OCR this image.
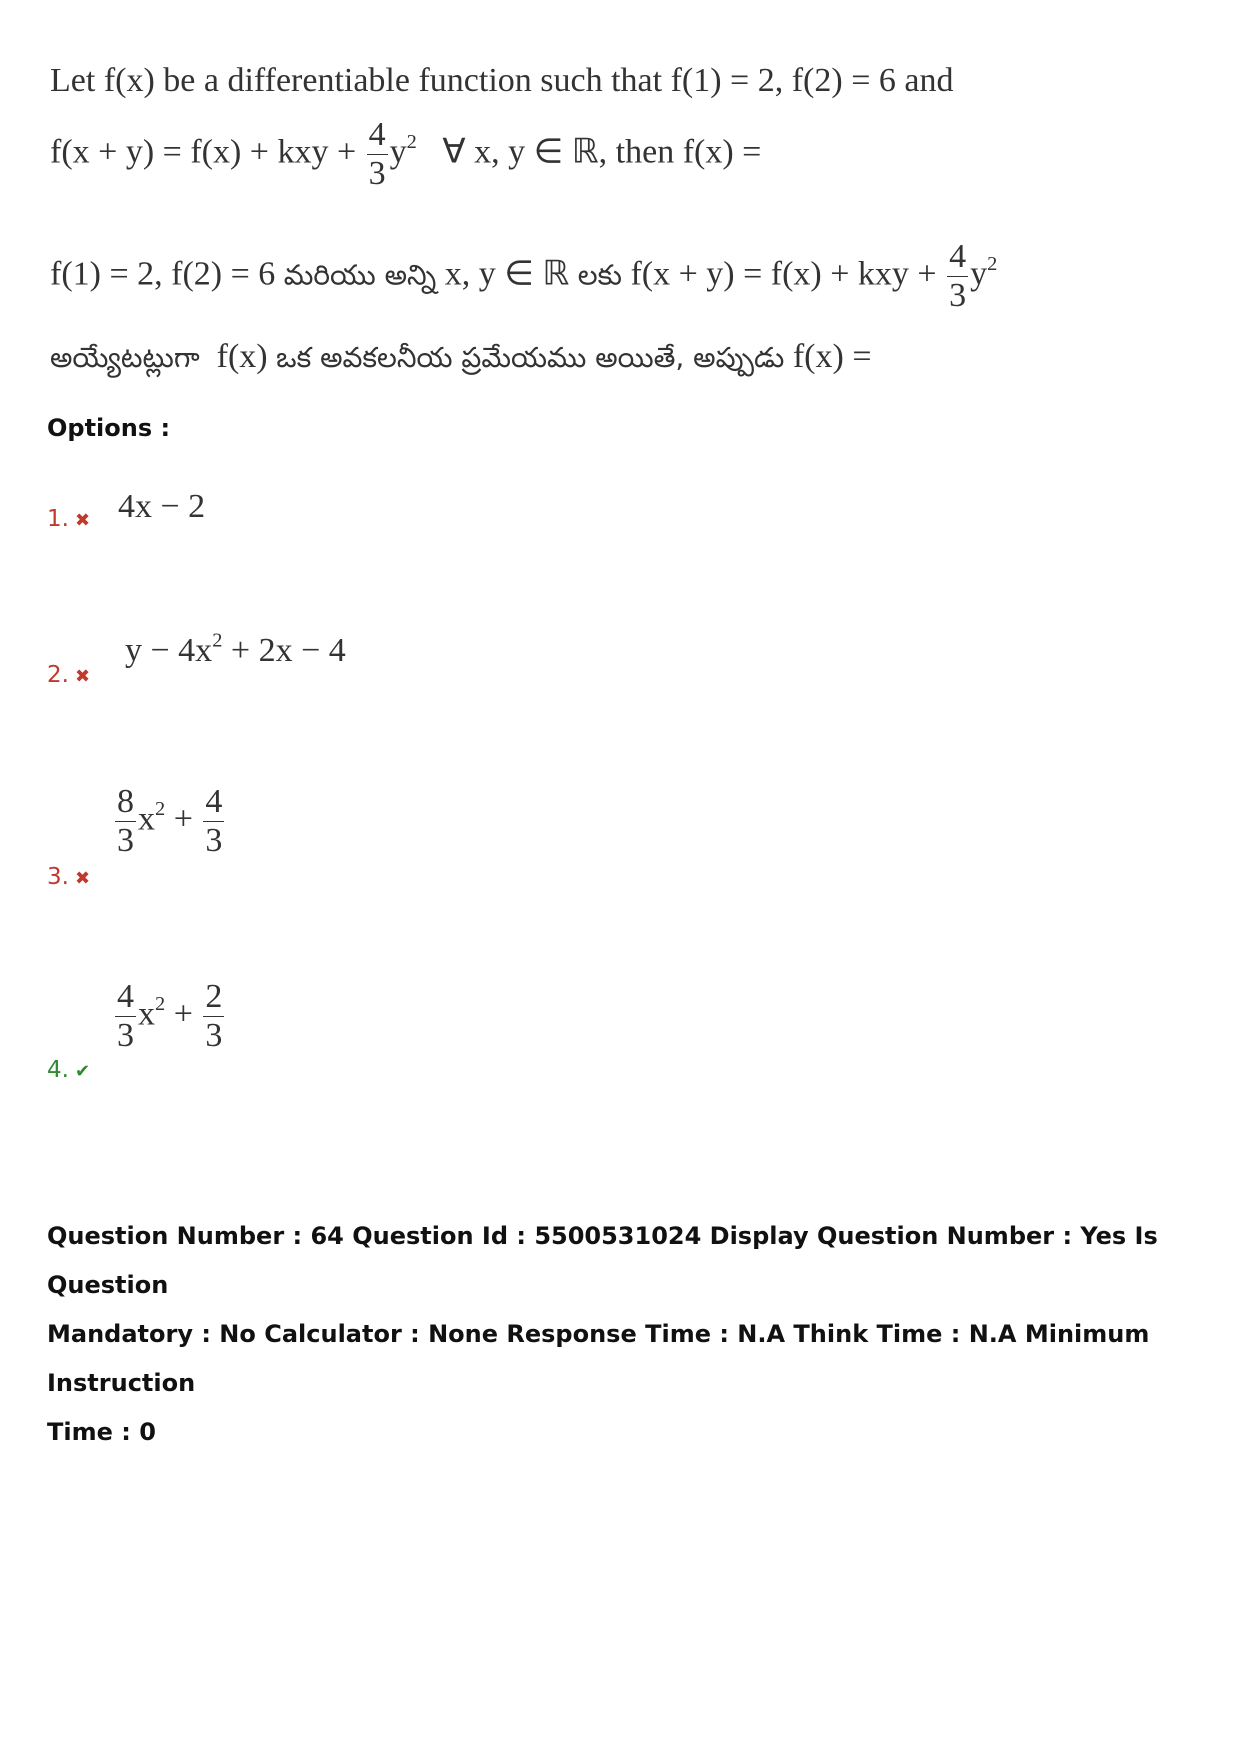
Let f(x) be a differentiable function such that f(1) = 2, f(2) = 6 and
f(x + y) = f(x) + kxy + $\frac{4}{3} y^2$ ∀ x, y ∈ ℝ, then f(x) =
f(1) = 2, f(2) = 6 మరియు అన్ని x, y ∈ ℝ లకు f(x + y) = f(x) + kxy + $\frac{4}{3} y^2$
అయ్యేటట్లుగా f(x) ఒక అవకలనీయ ప్రమేయము అయితే, అప్పుడు f(x) =
Options :
1. ✖ 4x − 2
2. ✖
$y - 4x^2 + 2x - 4$
3. ✖
$\frac{8}{3} x^2 + \frac{4}{3}$
4. ✔
$\frac{4}{3} x^2 + \frac{2}{3}$
Question Number : 64 Question Id : 5500531024 Display Question Number : Yes Is Question
Mandatory : No Calculator : None Response Time : N.A Think Time : N.A Minimum Instruction
Time : 0
